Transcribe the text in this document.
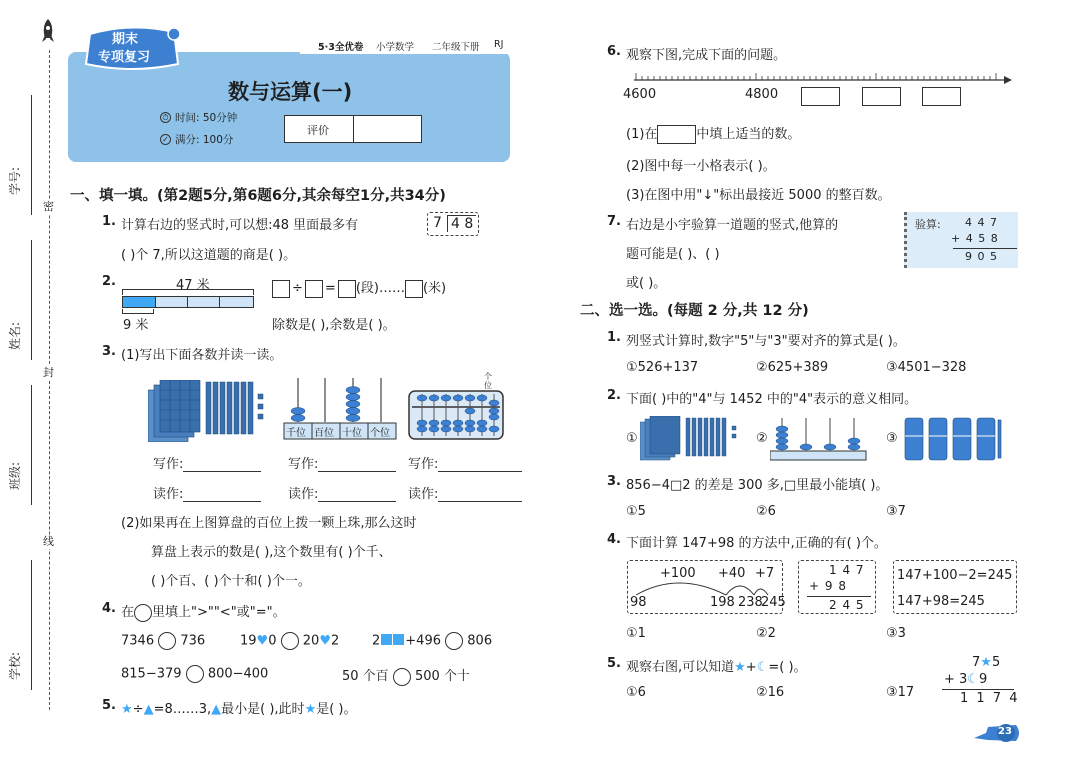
密
封
线
学号:
姓名:
班级:
学校:
5·3全优卷 小学数学 二年级下册 RJ
期末
专项复习
数与运算(一)
⏱ 时间: 50分钟
✓ 满分: 100分
评价
一、填一填。(第2题5分,第6题6分,其余每空1分,共34分)
1. 计算右边的竖式时,可以想:48 里面最多有
( )个 7,所以这道题的商是( )。
7 4 8
2.	47 米
9 米
÷ = (段)…… (米)
除数是( ),余数是( )。
3. (1)写出下面各数并读一读。
千位 百位 十位 个位
个位
写作:	写作:	写作:
读作:	读作:	读作:
(2)如果再在上图算盘的百位上拨一颗上珠,那么这时
算盘上表示的数是( ),这个数里有( )个千、
( )个百、( )个十和( )个一。
4. 在 里填上">""<"或"="。
7346 736	19♥0 20♥2	2 +496 806
815−379 800−400	50 个百 500 个十
5. ★÷▲=8……3,▲最小是( ),此时★是( )。
6. 观察下图,完成下面的问题。
4600	4800
(1)在	中填上适当的数。
(2)图中每一小格表示( )。
(3)在图中用"↓"标出最接近 5000 的整百数。
7. 右边是小宇验算一道题的竖式,他算的
题可能是( )、( )
或( )。
验算: 4 4 7
+ 4 5 8
9 0 5
二、选一选。(每题 2 分,共 12 分)
1. 列竖式计算时,数字"5"与"3"要对齐的算式是( )。
①526+137	②625+389	③4501−328
2. 下面( )中的"4"与 1452 中的"4"表示的意义相同。
①	②	③
3. 856−4□2 的差是 300 多,□里最小能填( )。
①5	②6	③7
4. 下面计算 147+98 的方法中,正确的有( )个。
+100 +40 +7
98	198 238
245
1 4 7
+ 9 8
2 4 5
147+100−2=245
147+98=245
①1	②2	③3
5. 观察右图,可以知道★+☾=( )。
①6	②16	③17
7★5
+ 3☾9
1 1 7 4
23
